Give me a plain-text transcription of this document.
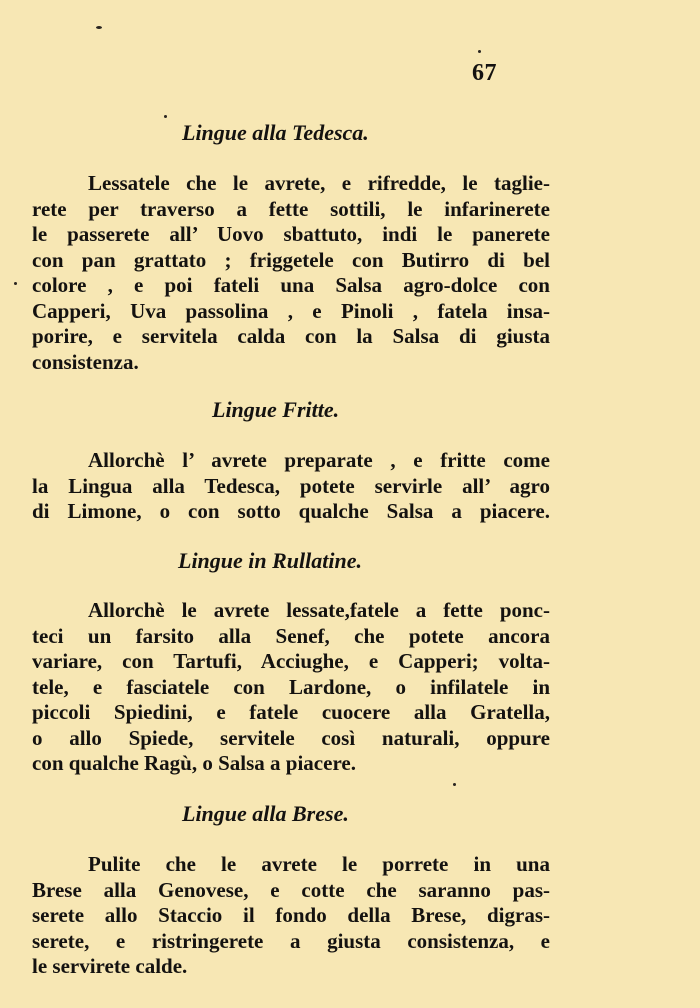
67
Lingue alla Tedesca.
Lessatele che le avrete, e rifredde, le taglie-
rete per traverso a fette sottili, le infarinerete
le passerete all’ Uovo sbattuto, indi le panerete
con pan grattato ; friggetele con Butirro di bel
colore , e poi fateli una Salsa agro-dolce con
Capperi, Uva passolina , e Pinoli , fatela insa-
porire, e servitela calda con la Salsa di giusta
consistenza.
Lingue Fritte.
Allorchè l’ avrete preparate , e fritte come
la Lingua alla Tedesca, potete servirle all’ agro
di Limone, o con sotto qualche Salsa a piacere.
Lingue in Rullatine.
Allorchè le avrete lessate,fatele a fette ponc-
teci un farsito alla Senef, che potete ancora
variare, con Tartufi, Acciughe, e Capperi; volta-
tele, e fasciatele con Lardone, o infilatele in
piccoli Spiedini, e fatele cuocere alla Gratella,
o allo Spiede, servitele così naturali, oppure
con qualche Ragù, o Salsa a piacere.
Lingue alla Brese.
Pulite che le avrete le porrete in una
Brese alla Genovese, e cotte che saranno pas-
serete allo Staccio il fondo della Brese, digras-
serete, e ristringerete a giusta consistenza, e
le servirete calde.
